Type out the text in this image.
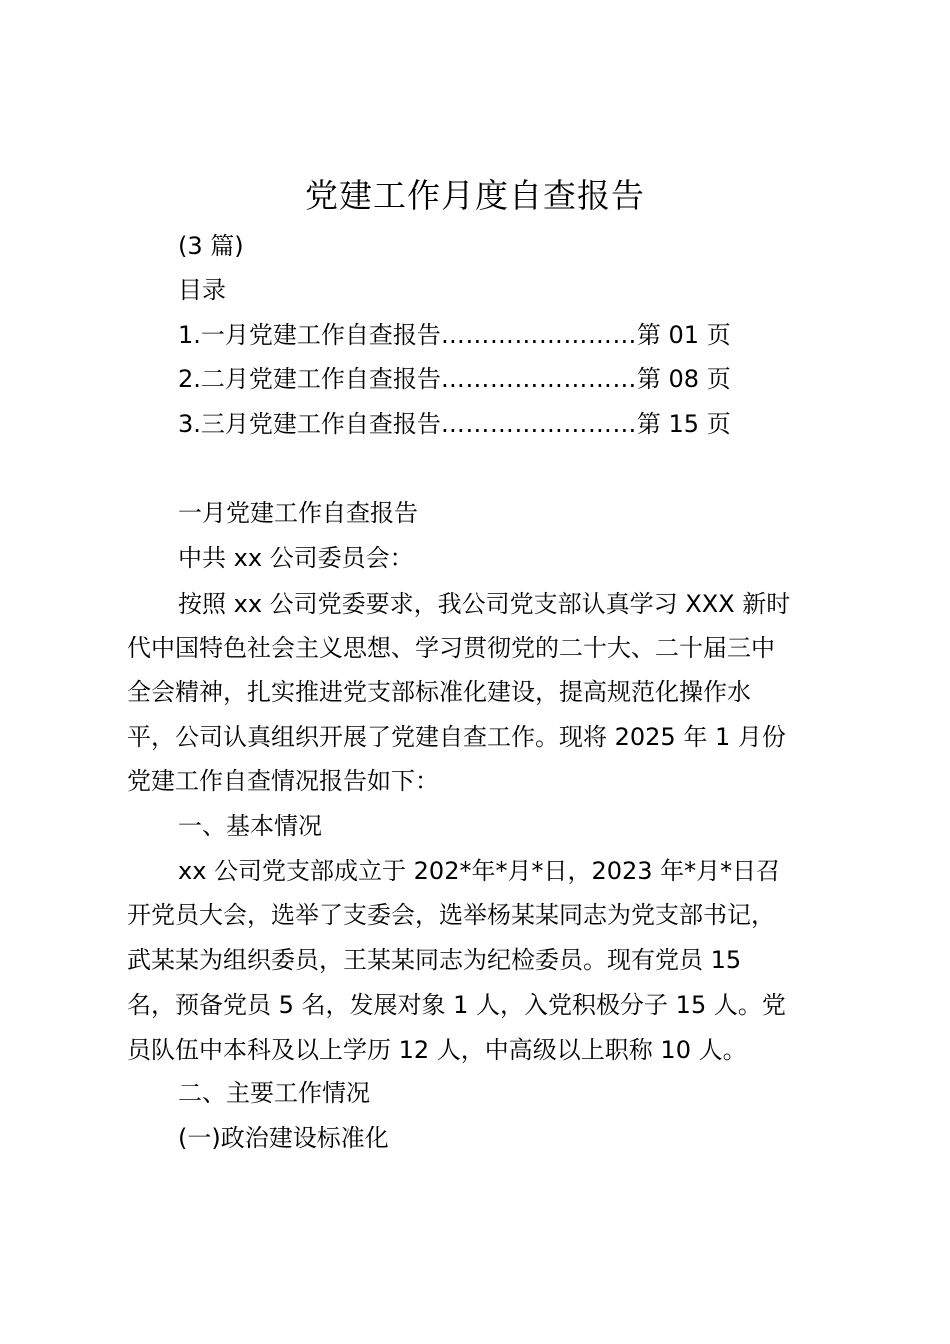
党建工作月度自查报告
(3 篇)
目录
1.一月党建工作自查报告 …………………… 第 01 页
2.二月党建工作自查报告 …………………… 第 08 页
3.三月党建工作自查报告 …………………… 第 15 页
一月党建工作自查报告
中共 xx 公司委员会：
按照 xx 公司党委要求，我公司党支部认真学习 XXX 新时
代中国特色社会主义思想、学习贯彻党的二十大、二十届三中
全会精神，扎实推进党支部标准化建设，提高规范化操作水
平，公司认真组织开展了党建自查工作。现将 2025 年 1 月份
党建工作自查情况报告如下：
一、基本情况
xx 公司党支部成立于 202*年*月*日，2023 年*月*日召
开党员大会，选举了支委会，选举杨某某同志为党支部书记，
武某某为组织委员，王某某同志为纪检委员。现有党员 15
名，预备党员 5 名，发展对象 1 人，入党积极分子 15 人。党
员队伍中本科及以上学历 12 人，中高级以上职称 10 人。
二、主要工作情况
(一)政治建设标准化
